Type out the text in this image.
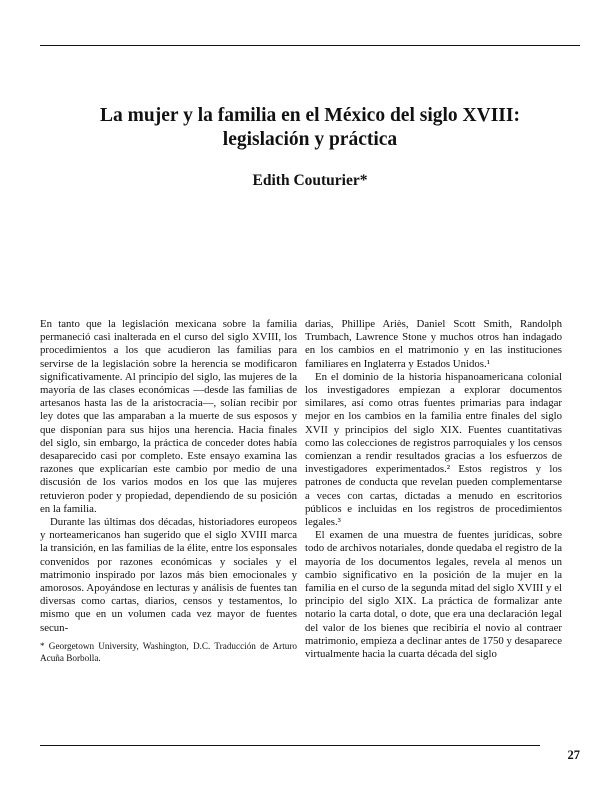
La mujer y la familia en el México del siglo XVIII:
legislación y práctica
Edith Couturier*

En tanto que la legislación mexicana sobre la familia permaneció casi inalterada en el curso del siglo XVIII, los procedimientos a los que acudieron las familias para servirse de la legislación sobre la herencia se modificaron significativamente. Al principio del siglo, las mujeres de la mayoría de las clases económicas —desde las familias de artesanos hasta las de la aristocracia—, solían recibir por ley dotes que las amparaban a la muerte de sus esposos y que disponían para sus hijos una herencia. Hacia finales del siglo, sin embargo, la práctica de conceder dotes había desaparecido casi por completo. Este ensayo examina las razones que explicarían este cambio por medio de una discusión de los varios modos en los que las mujeres retuvieron poder y propiedad, dependiendo de su posición en la familia.

Durante las últimas dos décadas, historiadores europeos y norteamericanos han sugerido que el siglo XVIII marca la transición, en las familias de la élite, entre los esponsales convenidos por razones económicas y sociales y el matrimonio inspirado por lazos más bien emocionales y amorosos. Apoyándose en lecturas y análisis de fuentes tan diversas como cartas, diarios, censos y testamentos, lo mismo que en un volumen cada vez mayor de fuentes secun-

* Georgetown University, Washington, D.C. Traducción de Arturo Acuña Borbolla.

darias, Phillipe Ariès, Daniel Scott Smith, Randolph Trumbach, Lawrence Stone y muchos otros han indagado en los cambios en el matrimonio y en las instituciones familiares en Inglaterra y Estados Unidos.¹

En el dominio de la historia hispanoamericana colonial los investigadores empiezan a explorar documentos similares, así como otras fuentes primarias para indagar mejor en los cambios en la familia entre finales del siglo XVII y principios del siglo XIX. Fuentes cuantitativas como las colecciones de registros parroquiales y los censos comienzan a rendir resultados gracias a los esfuerzos de investigadores experimentados.² Estos registros y los patrones de conducta que revelan pueden complementarse a veces con cartas, dictadas a menudo en escritorios públicos e incluidas en los registros de procedimientos legales.³

El examen de una muestra de fuentes jurídicas, sobre todo de archivos notariales, donde quedaba el registro de la mayoría de los documentos legales, revela al menos un cambio significativo en la posición de la mujer en la familia en el curso de la segunda mitad del siglo XVIII y el principio del siglo XIX. La práctica de formalizar ante notario la carta dotal, o dote, que era una declaración legal del valor de los bienes que recibiría el novio al contraer matrimonio, empieza a declinar antes de 1750 y desaparece virtualmente hacia la cuarta década del siglo

27
